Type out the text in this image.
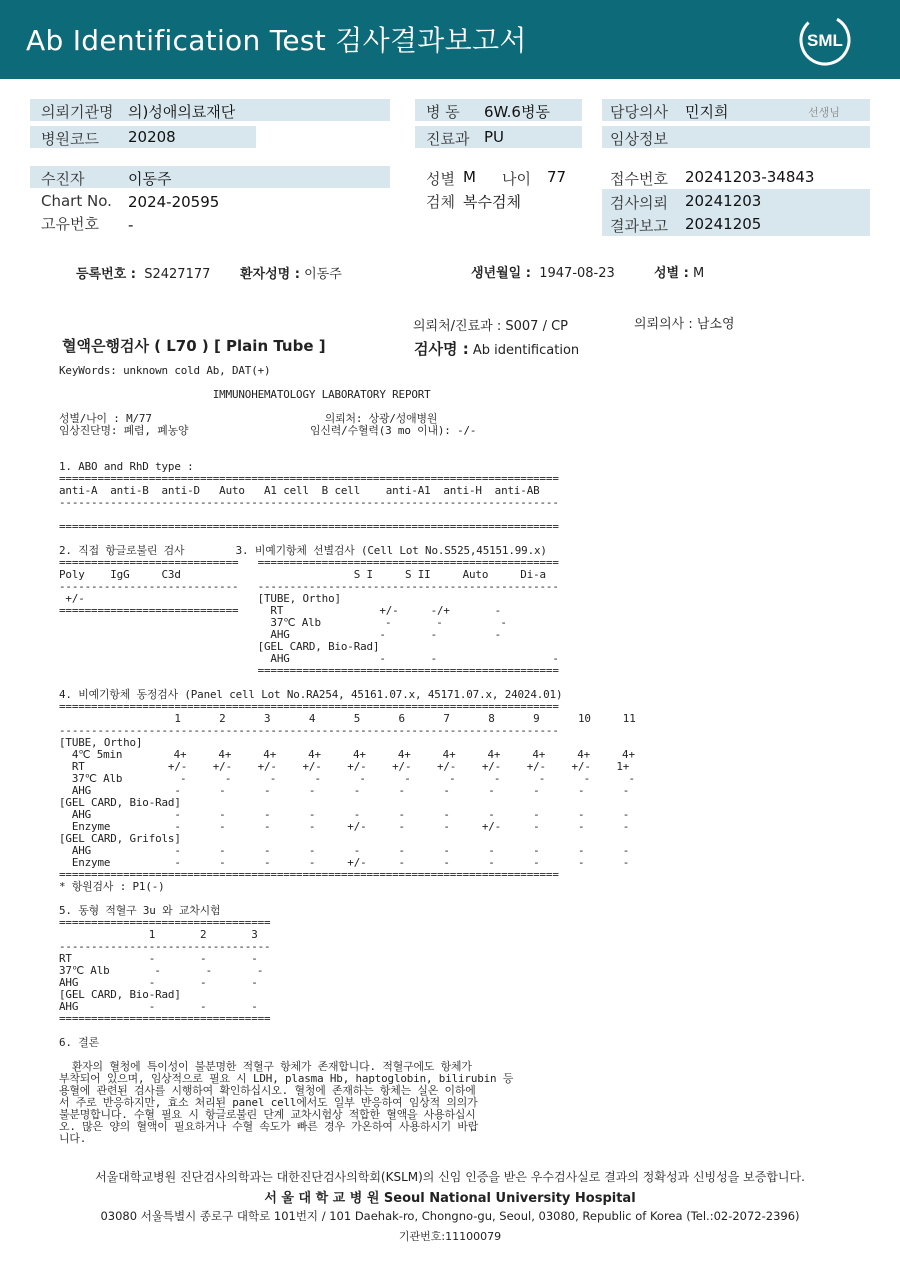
Ab Identification Test 검사결과보고서	SML
의뢰기관명 의)성애의료재단
병원코드 20208
수진자	이동주
Chart No. 2024-20595
고유번호 -
병 동 6W.6병동
진료과 PU
성별 M 나이 77
검체 복수검체
담당의사 민지희	선생님
임상정보
접수번호 20241203-34843
검사의뢰 20241203
결과보고 20241205
등록번호 : S2427177 환자성명 : 이동주	생년월일 : 1947-08-23	성별 : M
의뢰처/진료과 : S007 / CP	의뢰의사 : 남소영
혈액은행검사 ( L70 ) [ Plain Tube ]	검사명 : Ab identification
KeyWords: unknown cold Ab, DAT(+)

IMMUNOHEMATOLOGY LABORATORY REPORT

성별/나이 : M/77                           의뢰처: 상광/성애병원
임상진단명: 폐렴, 폐농양                   임신력/수혈력(3 mo 이내): -/-

1. ABO and RhD type :
==============================================================================
anti-A  anti-B  anti-D   Auto   A1 cell  B cell    anti-A1  anti-H  anti-AB
------------------------------------------------------------------------------

==============================================================================

2. 직접 항글로불린 검사        3. 비예기항체 선별검사 (Cell Lot No.S525,45151.99.x)
============================   ===============================================
Poly    IgG     C3d                           S I     S II     Auto     Di-a
----------------------------   -----------------------------------------------
+/-                           [TUBE, Ortho]
============================     RT               +/-     -/+       -
37℃ Alb          -       -         -
AHG              -       -         -
[GEL CARD, Bio-Rad]
AHG              -       -                  -
===============================================

4. 비예기항체 동정검사 (Panel cell Lot No.RA254, 45161.07.x, 45171.07.x, 24024.01)
==============================================================================
1      2      3      4      5      6      7      8      9      10     11
------------------------------------------------------------------------------
[TUBE, Ortho]
4℃ 5min        4+     4+     4+     4+     4+     4+     4+     4+     4+     4+     4+
RT             +/-    +/-    +/-    +/-    +/-    +/-    +/-    +/-    +/-    +/-    1+
37℃ Alb         -      -      -      -      -      -      -      -      -      -      -
AHG             -      -      -      -      -      -      -      -      -      -      -
[GEL CARD, Bio-Rad]
AHG             -      -      -      -      -      -      -      -      -      -      -
Enzyme          -      -      -      -     +/-     -      -     +/-     -      -      -
[GEL CARD, Grifols]
AHG             -      -      -      -      -      -      -      -      -      -      -
Enzyme          -      -      -      -     +/-     -      -      -      -      -      -
==============================================================================
* 항원검사 : P1(-)

5. 동형 적혈구 3u 와 교차시험
=================================
1       2       3
---------------------------------
RT            -       -       -
37℃ Alb       -       -       -
AHG           -       -       -
[GEL CARD, Bio-Rad]
AHG           -       -       -
=================================

6. 결론

환자의 혈청에 특이성이 불분명한 적혈구 항체가 존재합니다. 적혈구에도 항체가
부착되어 있으며, 임상적으로 필요 시 LDH, plasma Hb, haptoglobin, bilirubin 등
용혈에 관련된 검사를 시행하여 확인하십시오. 혈청에 존재하는 항체는 실온 이하에
서 주로 반응하지만, 효소 처리된 panel cell에서도 일부 반응하여 임상적 의의가
불분명합니다. 수혈 필요 시 항글로불린 단계 교차시험상 적합한 혈액을 사용하십시
오. 많은 양의 혈액이 필요하거나 수혈 속도가 빠른 경우 가온하여 사용하시기 바랍
니다.
서울대학교병원 진단검사의학과는 대한진단검사의학회(KSLM)의 신임 인증을 받은 우수검사실로 결과의 정확성과 신빙성을 보증합니다.
서 울 대 학 교 병 원 Seoul National University Hospital
03080 서울특별시 종로구 대학로 101번지 / 101 Daehak-ro, Chongno-gu, Seoul, 03080, Republic of Korea (Tel.:02-2072-2396)
기관번호:11100079
